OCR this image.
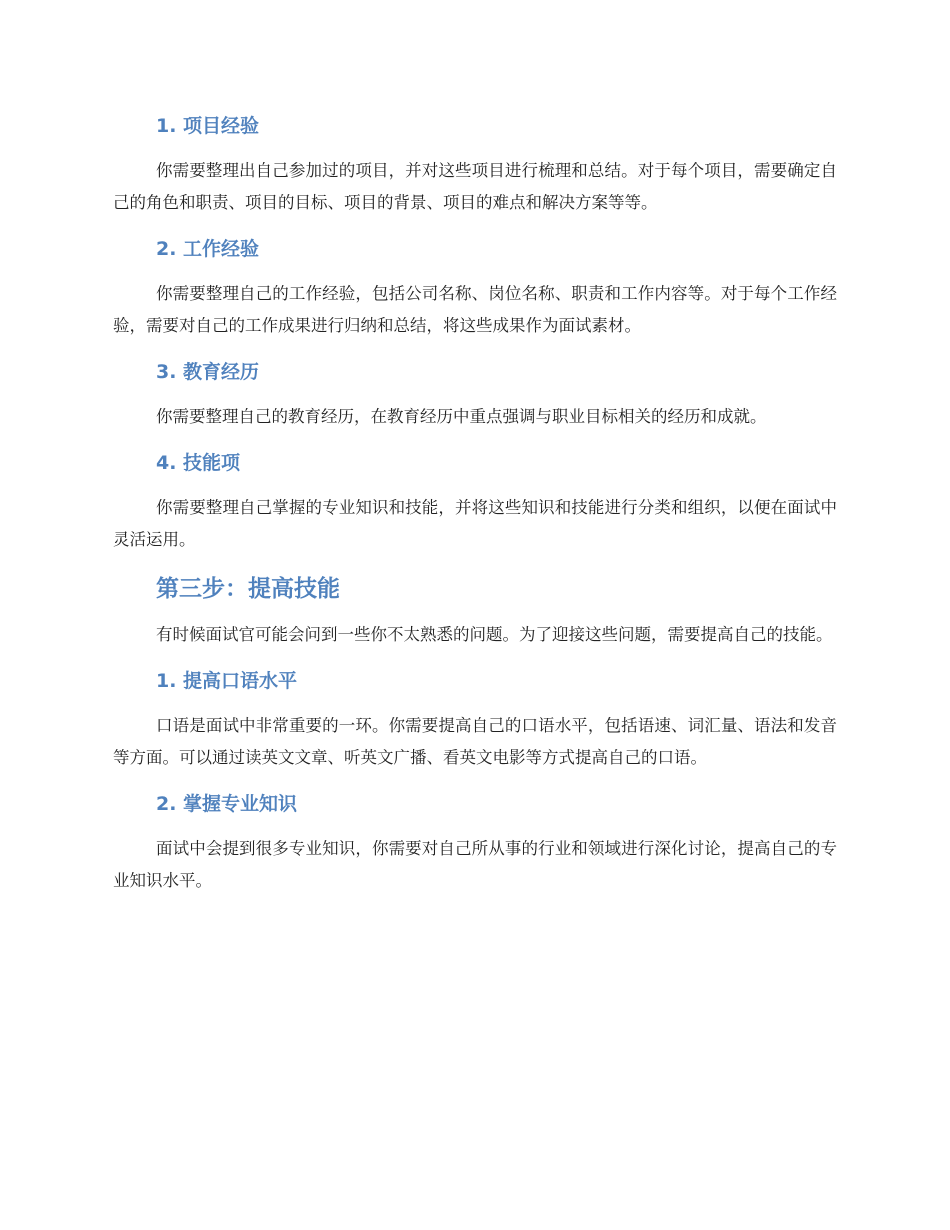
1. 项目经验

你需要整理出自己参加过的项目，并对这些项目进行梳理和总结。对于每个项目，需要确定自己的角色和职责、项目的目标、项目的背景、项目的难点和解决方案等等。

2. 工作经验

你需要整理自己的工作经验，包括公司名称、岗位名称、职责和工作内容等。对于每个工作经验，需要对自己的工作成果进行归纳和总结，将这些成果作为面试素材。

3. 教育经历

你需要整理自己的教育经历，在教育经历中重点强调与职业目标相关的经历和成就。

4. 技能项

你需要整理自己掌握的专业知识和技能，并将这些知识和技能进行分类和组织，以便在面试中灵活运用。

第三步：提高技能

有时候面试官可能会问到一些你不太熟悉的问题。为了迎接这些问题，需要提高自己的技能。

1. 提高口语水平

口语是面试中非常重要的一环。你需要提高自己的口语水平，包括语速、词汇量、语法和发音等方面。可以通过读英文文章、听英文广播、看英文电影等方式提高自己的口语。

2. 掌握专业知识

面试中会提到很多专业知识，你需要对自己所从事的行业和领域进行深化讨论，提高自己的专业知识水平。
